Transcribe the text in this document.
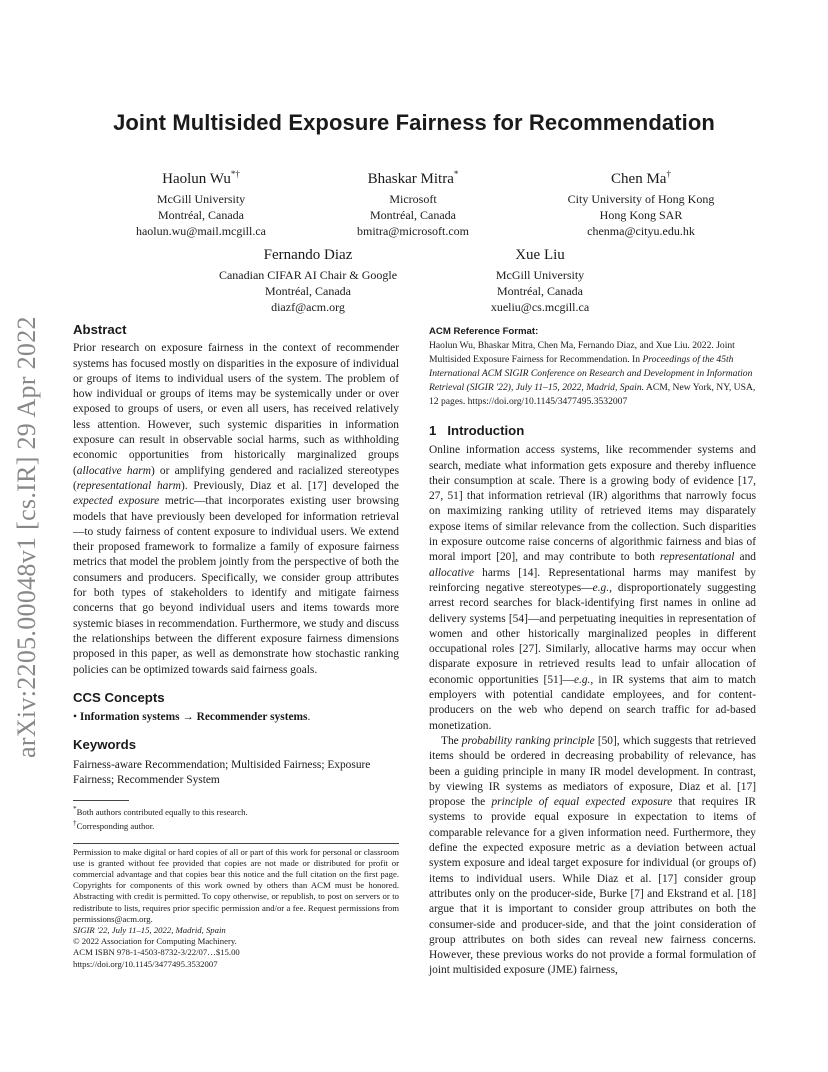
arXiv:2205.00048v1 [cs.IR] 29 Apr 2022
Joint Multisided Exposure Fairness for Recommendation
Haolun Wu*†
McGill University
Montréal, Canada
haolun.wu@mail.mcgill.ca
Bhaskar Mitra*
Microsoft
Montréal, Canada
bmitra@microsoft.com
Chen Ma†
City University of Hong Kong
Hong Kong SAR
chenma@cityu.edu.hk
Fernando Diaz
Canadian CIFAR AI Chair & Google
Montréal, Canada
diazf@acm.org
Xue Liu
McGill University
Montréal, Canada
xueliu@cs.mcgill.ca
Abstract

Prior research on exposure fairness in the context of recommender systems has focused mostly on disparities in the exposure of individual or groups of items to individual users of the system. The problem of how individual or groups of items may be systemically under or over exposed to groups of users, or even all users, has received relatively less attention. However, such systemic disparities in information exposure can result in observable social harms, such as withholding economic opportunities from historically marginalized groups (allocative harm) or amplifying gendered and racialized stereotypes (representational harm). Previously, Diaz et al. [17] developed the expected exposure metric—that incorporates existing user browsing models that have previously been developed for information retrieval—to study fairness of content exposure to individual users. We extend their proposed framework to formalize a family of exposure fairness metrics that model the problem jointly from the perspective of both the consumers and producers. Specifically, we consider group attributes for both types of stakeholders to identify and mitigate fairness concerns that go beyond individual users and items towards more systemic biases in recommendation. Furthermore, we study and discuss the relationships between the different exposure fairness dimensions proposed in this paper, as well as demonstrate how stochastic ranking policies can be optimized towards said fairness goals.

CCS Concepts

• Information systems → Recommender systems.

Keywords

Fairness-aware Recommendation; Multisided Fairness; Exposure Fairness; Recommender System

*Both authors contributed equally to this research.
†Corresponding author.
Permission to make digital or hard copies of all or part of this work for personal or classroom use is granted without fee provided that copies are not made or distributed for profit or commercial advantage and that copies bear this notice and the full citation on the first page. Copyrights for components of this work owned by others than ACM must be honored. Abstracting with credit is permitted. To copy otherwise, or republish, to post on servers or to redistribute to lists, requires prior specific permission and/or a fee. Request permissions from permissions@acm.org.
SIGIR '22, July 11–15, 2022, Madrid, Spain
© 2022 Association for Computing Machinery.
ACM ISBN 978-1-4503-8732-3/22/07…$15.00
https://doi.org/10.1145/3477495.3532007
ACM Reference Format:
Haolun Wu, Bhaskar Mitra, Chen Ma, Fernando Diaz, and Xue Liu. 2022. Joint Multisided Exposure Fairness for Recommendation. In Proceedings of the 45th International ACM SIGIR Conference on Research and Development in Information Retrieval (SIGIR '22), July 11–15, 2022, Madrid, Spain. ACM, New York, NY, USA, 12 pages. https://doi.org/10.1145/3477495.3532007
1 Introduction

Online information access systems, like recommender systems and search, mediate what information gets exposure and thereby influence their consumption at scale. There is a growing body of evidence [17, 27, 51] that information retrieval (IR) algorithms that narrowly focus on maximizing ranking utility of retrieved items may disparately expose items of similar relevance from the collection. Such disparities in exposure outcome raise concerns of algorithmic fairness and bias of moral import [20], and may contribute to both representational and allocative harms [14]. Representational harms may manifest by reinforcing negative stereotypes—e.g., disproportionately suggesting arrest record searches for black-identifying first names in online ad delivery systems [54]—and perpetuating inequities in representation of women and other historically marginalized peoples in different occupational roles [27]. Similarly, allocative harms may occur when disparate exposure in retrieved results lead to unfair allocation of economic opportunities [51]—e.g., in IR systems that aim to match employers with potential candidate employees, and for content-producers on the web who depend on search traffic for ad-based monetization.

The probability ranking principle [50], which suggests that retrieved items should be ordered in decreasing probability of relevance, has been a guiding principle in many IR model development. In contrast, by viewing IR systems as mediators of exposure, Diaz et al. [17] propose the principle of equal expected exposure that requires IR systems to provide equal exposure in expectation to items of comparable relevance for a given information need. Furthermore, they define the expected exposure metric as a deviation between actual system exposure and ideal target exposure for individual (or groups of) items to individual users. While Diaz et al. [17] consider group attributes only on the producer-side, Burke [7] and Ekstrand et al. [18] argue that it is important to consider group attributes on both the consumer-side and producer-side, and that the joint consideration of group attributes on both sides can reveal new fairness concerns. However, these previous works do not provide a formal formulation of joint multisided exposure (JME) fairness,
